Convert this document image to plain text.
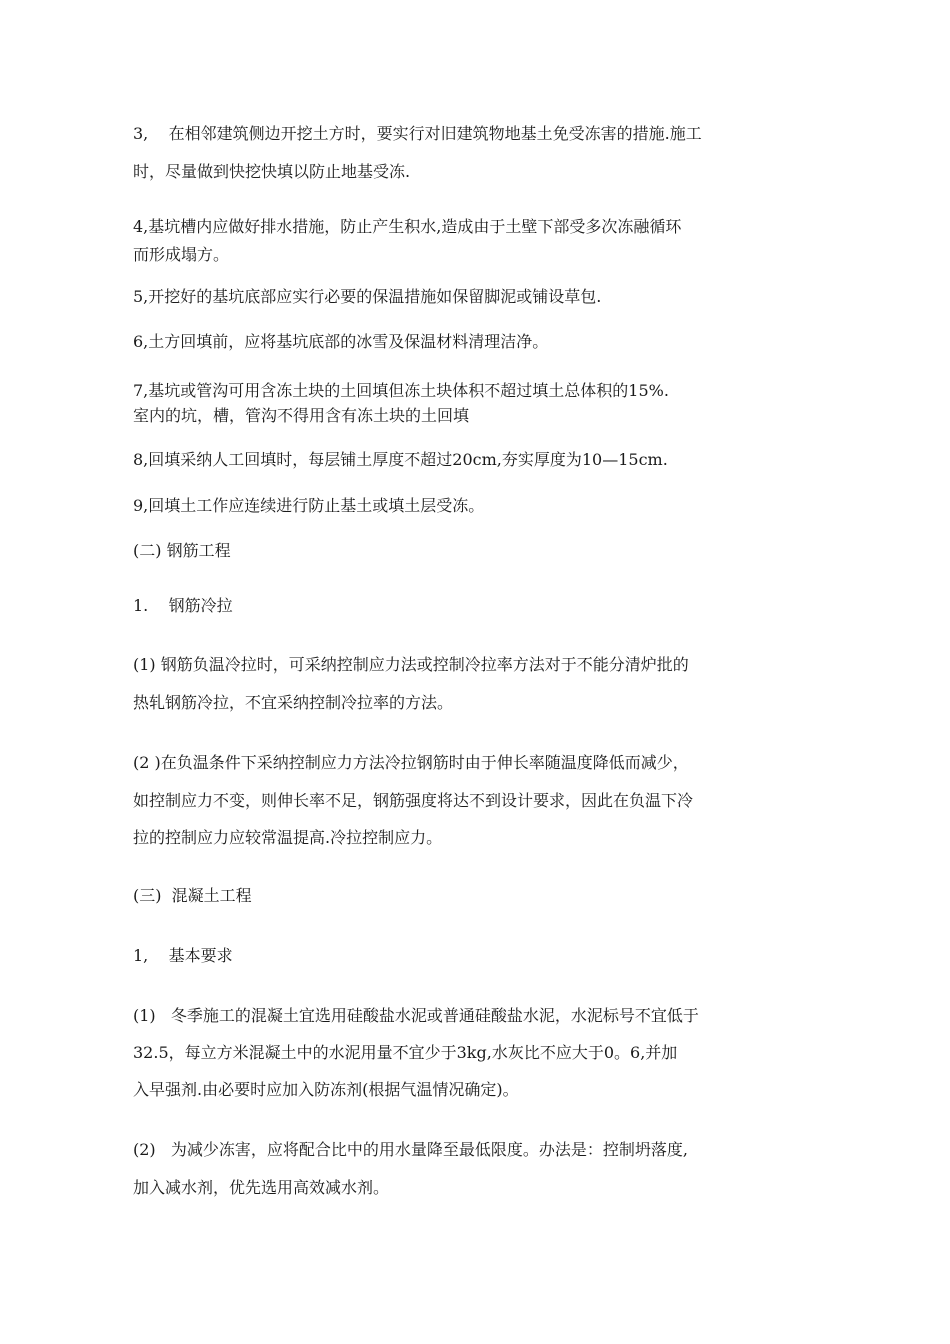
3,    在相邻建筑侧边开挖土方时，要实行对旧建筑物地基土免受冻害的措施.施工
时，尽量做到快挖快填以防止地基受冻.
4,基坑槽内应做好排水措施，防止产生积水,造成由于土壁下部受多次冻融循环
而形成塌方。
5,开挖好的基坑底部应实行必要的保温措施如保留脚泥或铺设草包.
6,土方回填前，应将基坑底部的冰雪及保温材料清理洁净。
7,基坑或管沟可用含冻土块的土回填但冻土块体积不超过填土总体积的15%.
室内的坑，槽，管沟不得用含有冻土块的土回填
8,回填采纳人工回填时，每层铺土厚度不超过20cm,夯实厚度为10—15cm.
9,回填土工作应连续进行防止基土或填土层受冻。
(二) 钢筋工程
1.    钢筋冷拉
(1) 钢筋负温冷拉时，可采纳控制应力法或控制冷拉率方法对于不能分清炉批的
热轧钢筋冷拉，不宜采纳控制冷拉率的方法。
(2 )在负温条件下采纳控制应力方法冷拉钢筋时由于伸长率随温度降低而减少，
如控制应力不变，则伸长率不足，钢筋强度将达不到设计要求，因此在负温下冷
拉的控制应力应较常温提高.冷拉控制应力。
(三)  混凝土工程
1,    基本要求
(1)   冬季施工的混凝土宜选用硅酸盐水泥或普通硅酸盐水泥，水泥标号不宜低于
32.5，每立方米混凝土中的水泥用量不宜少于3kg,水灰比不应大于0。6,并加
入早强剂.由必要时应加入防冻剂(根据气温情况确定)。
(2)   为减少冻害，应将配合比中的用水量降至最低限度。办法是：控制坍落度,
加入减水剂，优先选用高效减水剂。
